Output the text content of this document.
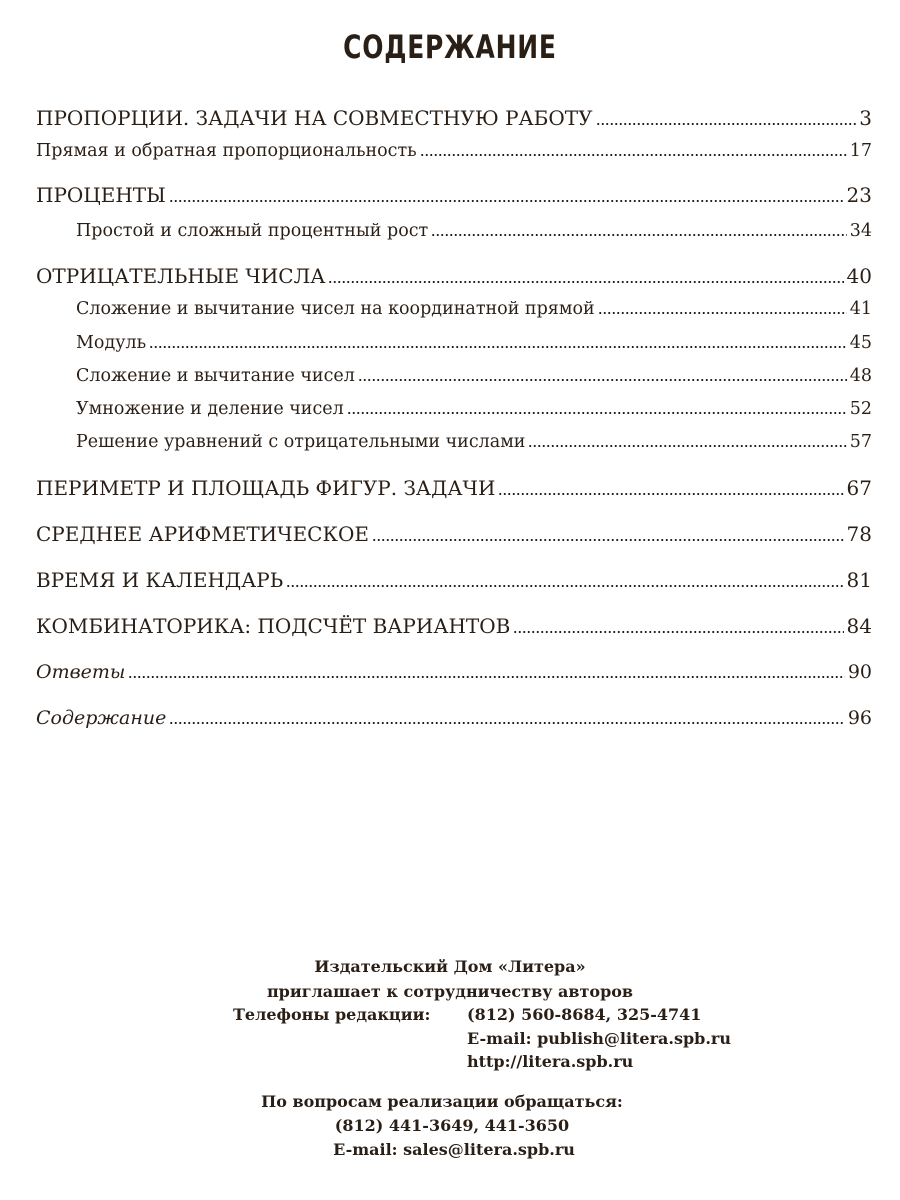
СОДЕРЖАНИЕ
ПРОПОРЦИИ. ЗАДАЧИ НА СОВМЕСТНУЮ РАБОТУ	3
Прямая и обратная пропорциональность	17
ПРОЦЕНТЫ	23
Простой и сложный процентный рост	34
ОТРИЦАТЕЛЬНЫЕ ЧИСЛА	40
Сложение и вычитание чисел на координатной прямой	41
Модуль	45
Сложение и вычитание чисел	48
Умножение и деление чисел	52
Решение уравнений с отрицательными числами	57
ПЕРИМЕТР И ПЛОЩАДЬ ФИГУР. ЗАДАЧИ	67
СРЕДНЕЕ АРИФМЕТИЧЕСКОЕ	78
ВРЕМЯ И КАЛЕНДАРЬ	81
КОМБИНАТОРИКА: ПОДСЧЁТ ВАРИАНТОВ	84
Ответы	90
Содержание	96
Издательский Дом «Литера»
приглашает к сотрудничеству авторов
Телефоны редакции: (812) 560-8684, 325-4741
E-mail: publish@litera.spb.ru
http://litera.spb.ru
По вопросам реализации обращаться:
(812) 441-3649, 441-3650
E-mail: sales@litera.spb.ru
